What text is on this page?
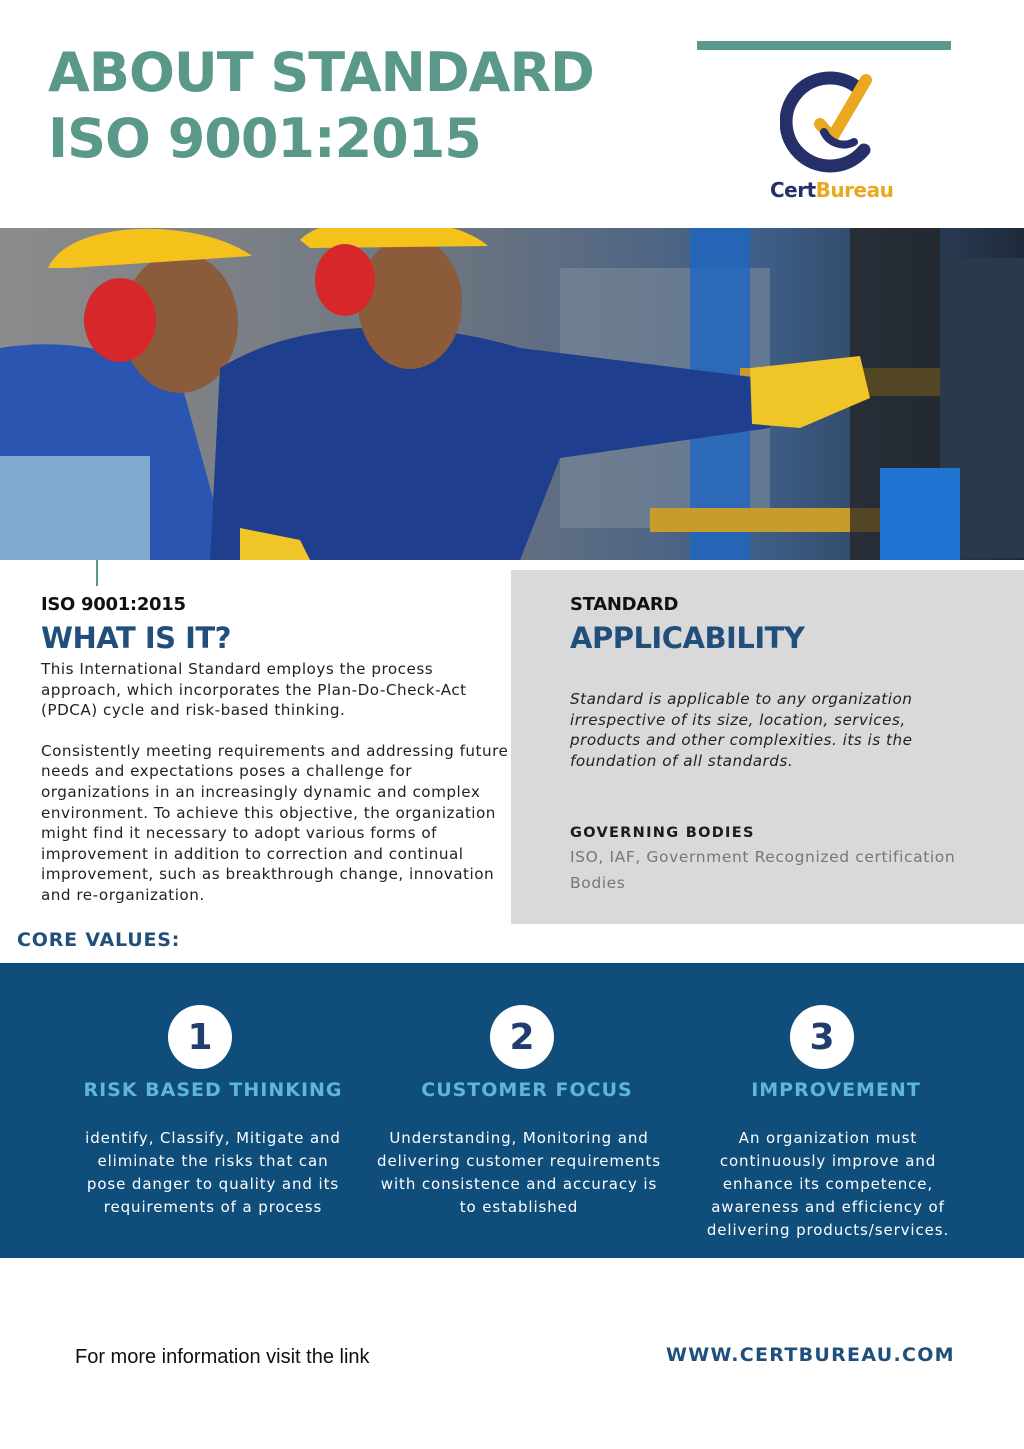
ABOUT STANDARD
ISO 9001:2015
CertBureau
ISO 9001:2015
WHAT IS IT?
This International Standard employs the process approach, which incorporates the Plan-Do-Check-Act (PDCA) cycle and risk-based thinking.
Consistently meeting requirements and addressing future needs and expectations poses a challenge for organizations in an increasingly dynamic and complex environment. To achieve this objective, the organization might find it necessary to adopt various forms of improvement in addition to correction and continual improvement, such as breakthrough change, innovation and re-organization.
STANDARD
APPLICABILITY
Standard is applicable to any organization irrespective of its size, location, services, products and other complexities. its is the foundation of all standards.
GOVERNING BODIES
ISO, IAF, Government Recognized certification Bodies
CORE VALUES:
1
RISK BASED THINKING
identify, Classify, Mitigate and eliminate the risks that can pose danger to quality and its requirements of a process
2
CUSTOMER FOCUS
Understanding, Monitoring and delivering customer requirements with consistence and accuracy is to established
3
IMPROVEMENT
An organization must continuously improve and enhance its competence, awareness and efficiency of delivering products/services.
For more information visit the link	WWW.CERTBUREAU.COM
